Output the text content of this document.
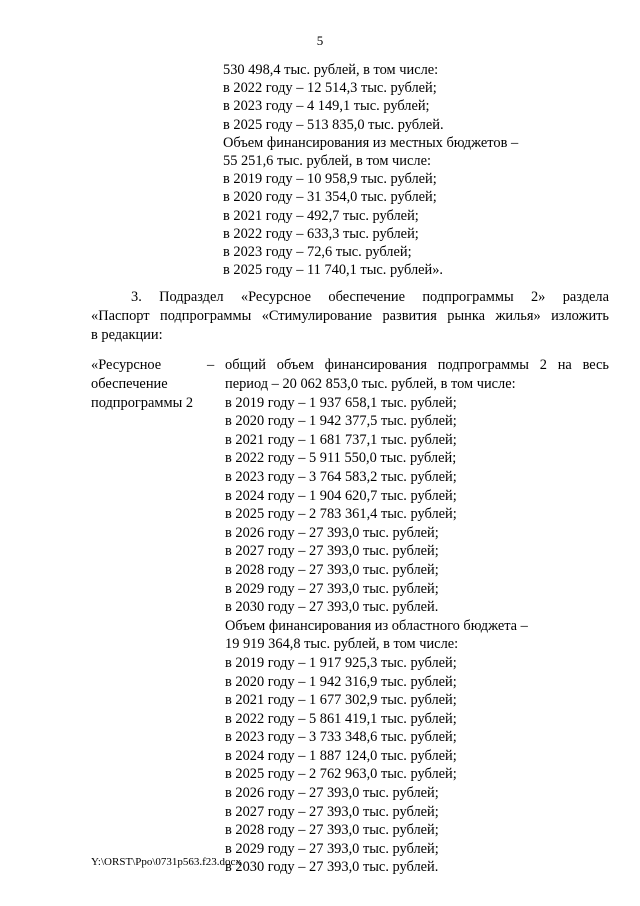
5
530 498,4 тыс. рублей, в том числе:
в 2022 году – 12 514,3 тыс. рублей;
в 2023 году – 4 149,1 тыс. рублей;
в 2025 году – 513 835,0 тыс. рублей.
Объем финансирования из местных бюджетов –
55 251,6 тыс. рублей, в том числе:
в 2019 году – 10 958,9 тыс. рублей;
в 2020 году – 31 354,0 тыс. рублей;
в 2021 году – 492,7 тыс. рублей;
в 2022 году – 633,3 тыс. рублей;
в 2023 году – 72,6 тыс. рублей;
в 2025 году – 11 740,1 тыс. рублей».
3. Подраздел «Ресурсное обеспечение подпрограммы 2» раздела
«Паспорт подпрограммы «Стимулирование развития рынка жилья» изложить
в редакции:
«Ресурсное
обеспечение
подпрограммы 2
– общий объем финансирования подпрограммы 2 на весь
период – 20 062 853,0 тыс. рублей, в том числе:
в 2019 году – 1 937 658,1 тыс. рублей;
в 2020 году – 1 942 377,5 тыс. рублей;
в 2021 году – 1 681 737,1 тыс. рублей;
в 2022 году – 5 911 550,0 тыс. рублей;
в 2023 году – 3 764 583,2 тыс. рублей;
в 2024 году – 1 904 620,7 тыс. рублей;
в 2025 году – 2 783 361,4 тыс. рублей;
в 2026 году – 27 393,0 тыс. рублей;
в 2027 году – 27 393,0 тыс. рублей;
в 2028 году – 27 393,0 тыс. рублей;
в 2029 году – 27 393,0 тыс. рублей;
в 2030 году – 27 393,0 тыс. рублей.
Объем финансирования из областного бюджета –
19 919 364,8 тыс. рублей, в том числе:
в 2019 году – 1 917 925,3 тыс. рублей;
в 2020 году – 1 942 316,9 тыс. рублей;
в 2021 году – 1 677 302,9 тыс. рублей;
в 2022 году – 5 861 419,1 тыс. рублей;
в 2023 году – 3 733 348,6 тыс. рублей;
в 2024 году – 1 887 124,0 тыс. рублей;
в 2025 году – 2 762 963,0 тыс. рублей;
в 2026 году – 27 393,0 тыс. рублей;
в 2027 году – 27 393,0 тыс. рублей;
в 2028 году – 27 393,0 тыс. рублей;
в 2029 году – 27 393,0 тыс. рублей;
в 2030 году – 27 393,0 тыс. рублей.
Y:\ORST\Ppo\0731p563.f23.docx
